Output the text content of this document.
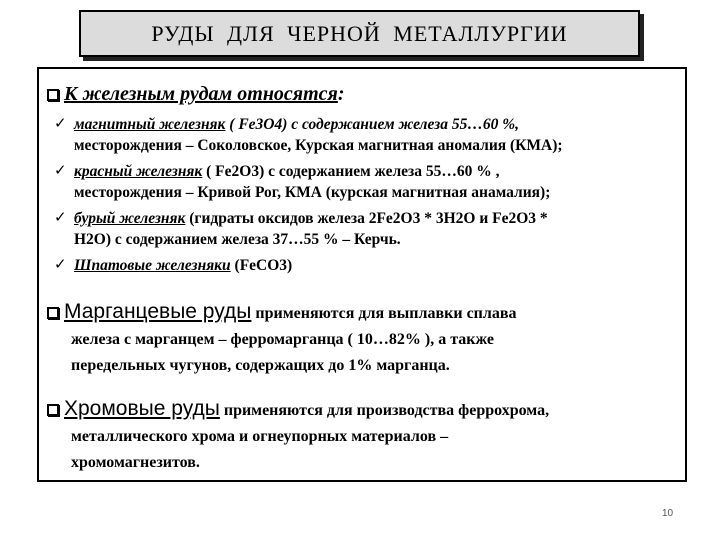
РУДЫ ДЛЯ ЧЕРНОЙ МЕТАЛЛУРГИИ
К железным рудам относятся:
✓ магнитный железняк ( Fe3O4) с содержанием железа 55…60 %,
месторождения – Соколовское, Курская магнитная аномалия (КМА);
✓ красный железняк ( Fe2O3) с содержанием железа 55…60 % ,
месторождения – Кривой Рог, КМА (курская магнитная анамалия);
✓ бурый железняк (гидраты оксидов железа 2Fe2O3 * 3H2O и Fe2O3 *
H2O) с содержанием железа 37…55 % – Керчь.
✓ Шпатовые железняки (FeCO3)
Марганцевые руды применяются для выплавки сплава

железа с марганцем – ферромарганца ( 10…82% ), а также
передельных чугунов, содержащих до 1% марганца.
Хромовые руды применяются для производства феррохрома,

металлического хрома и огнеупорных материалов –
хромомагнезитов.
10
